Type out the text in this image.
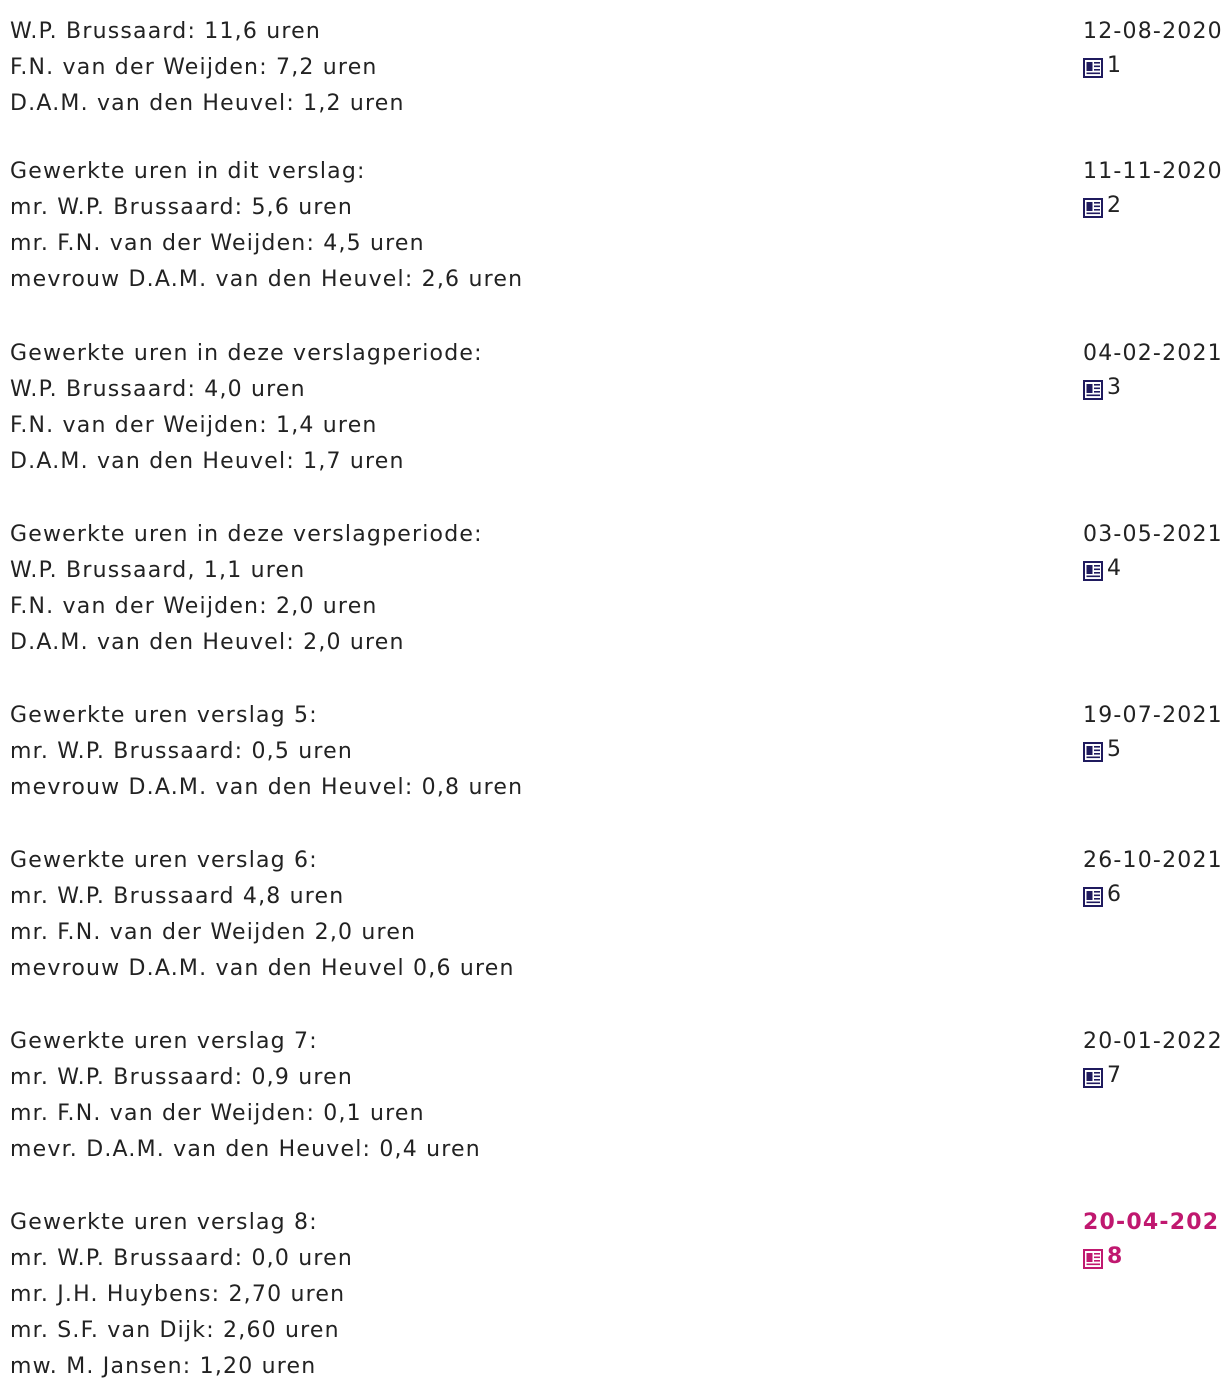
W.P. Brussaard: 11,6 uren
F.N. van der Weijden: 7,2 uren
D.A.M. van den Heuvel: 1,2 uren
12-08-2020
1
Gewerkte uren in dit verslag:
mr. W.P. Brussaard: 5,6 uren
mr. F.N. van der Weijden: 4,5 uren
mevrouw D.A.M. van den Heuvel: 2,6 uren
11-11-2020
2
Gewerkte uren in deze verslagperiode:
W.P. Brussaard: 4,0 uren
F.N. van der Weijden: 1,4 uren
D.A.M. van den Heuvel: 1,7 uren
04-02-2021
3
Gewerkte uren in deze verslagperiode:
W.P. Brussaard, 1,1 uren
F.N. van der Weijden: 2,0 uren
D.A.M. van den Heuvel: 2,0 uren
03-05-2021
4
Gewerkte uren verslag 5:
mr. W.P. Brussaard: 0,5 uren
mevrouw D.A.M. van den Heuvel: 0,8 uren
19-07-2021
5
Gewerkte uren verslag 6:
mr. W.P. Brussaard 4,8 uren
mr. F.N. van der Weijden 2,0 uren
mevrouw D.A.M. van den Heuvel 0,6 uren
26-10-2021
6
Gewerkte uren verslag 7:
mr. W.P. Brussaard: 0,9 uren
mr. F.N. van der Weijden: 0,1 uren
mevr. D.A.M. van den Heuvel: 0,4 uren
20-01-2022
7
Gewerkte uren verslag 8:
mr. W.P. Brussaard: 0,0 uren
mr. J.H. Huybens: 2,70 uren
mr. S.F. van Dijk: 2,60 uren
mw. M. Jansen: 1,20 uren
20-04-202
8
